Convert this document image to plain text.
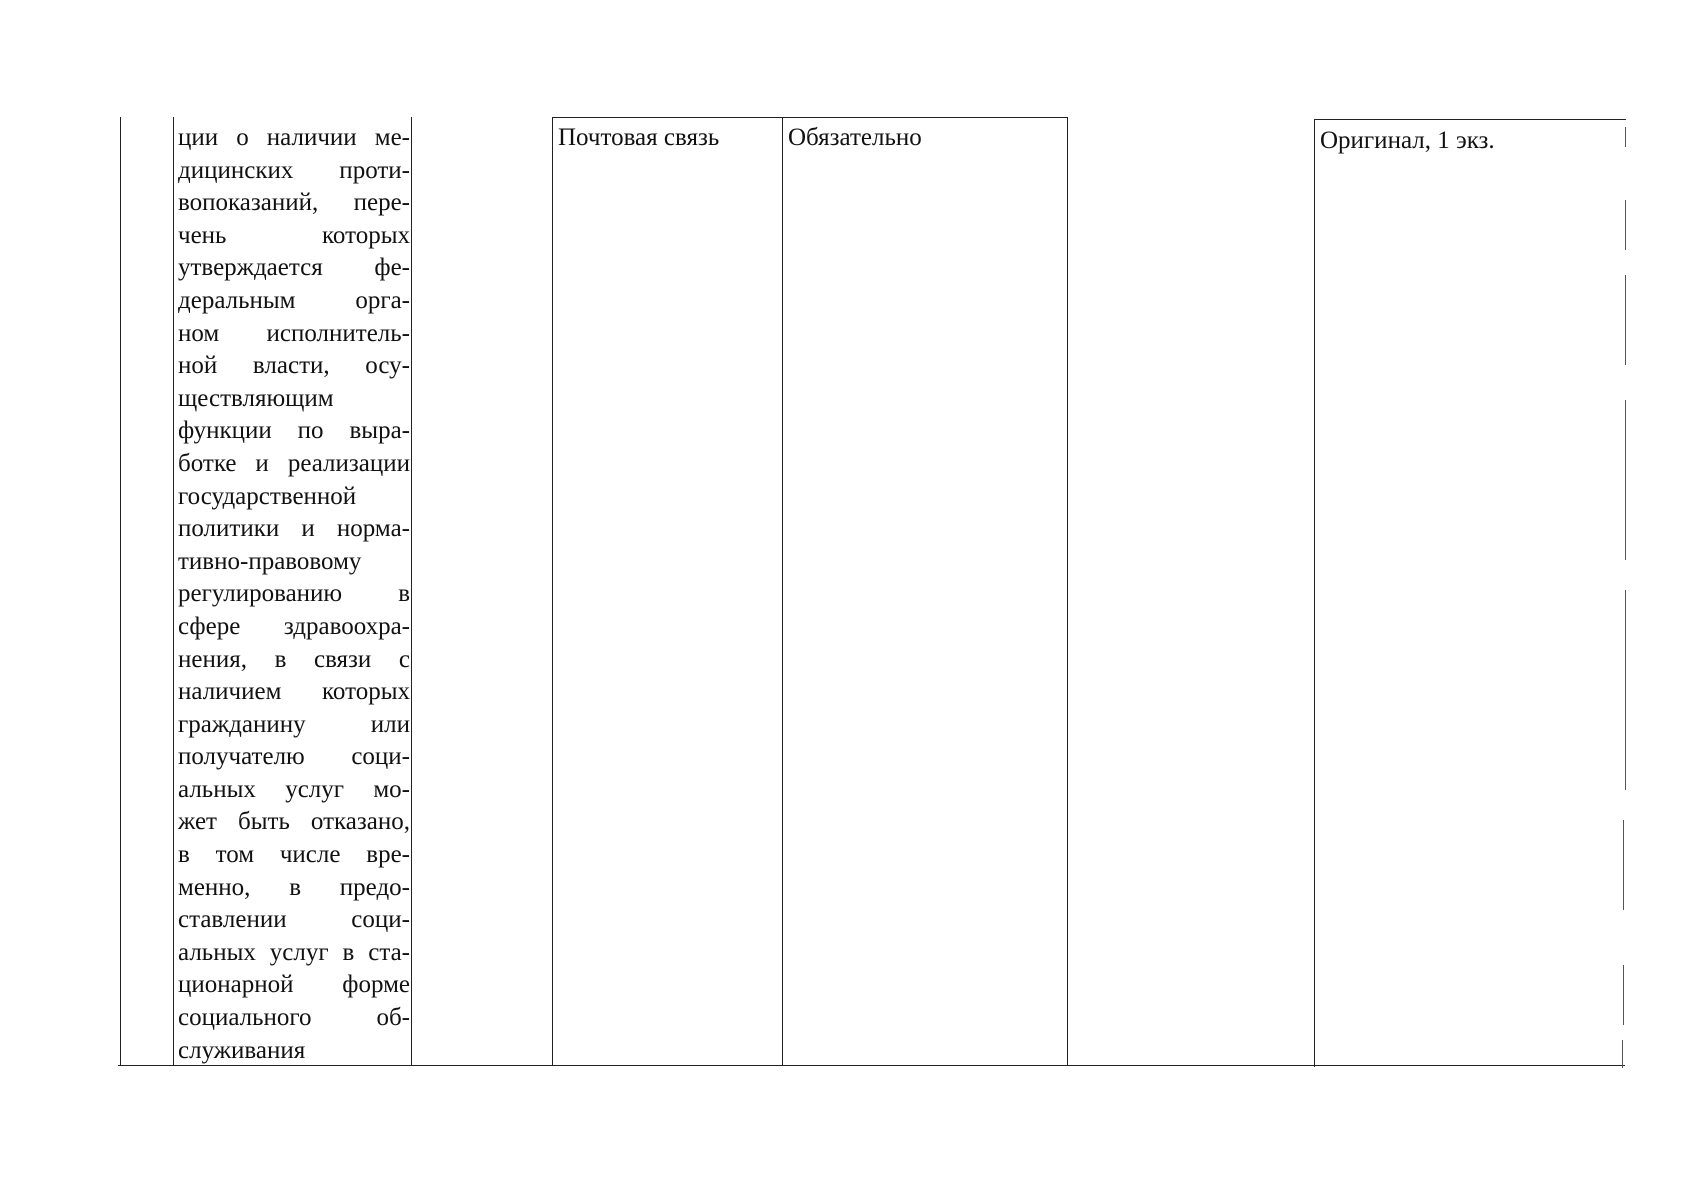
ции о наличии ме-
дицинских проти-
вопоказаний, пере-
чень которых
утверждается фе-
деральным орга-
ном исполнитель-
ной власти, осу-
ществляющим
функции по выра-
ботке и реализации
государственной
политики и норма-
тивно-правовому
регулированию в
сфере здравоохра-
нения, в связи с
наличием которых
гражданину или
получателю соци-
альных услуг мо-
жет быть отказано,
в том числе вре-
менно, в предо-
ставлении соци-
альных услуг в ста-
ционарной форме
социального об-
служивания
Почтовая связь	Обязательно	Оригинал, 1 экз.
